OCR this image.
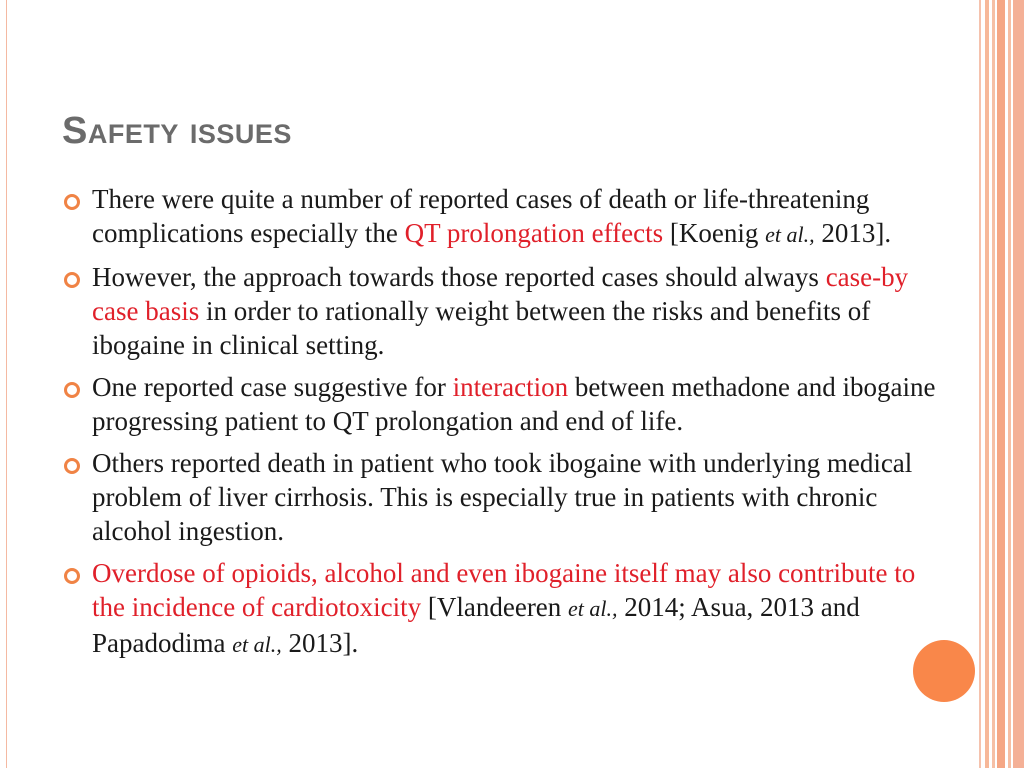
Safety issues
There were quite a number of reported cases of death or life-threatening complications especially the QT prolongation effects [Koenig et al., 2013].
However, the approach towards those reported cases should always case-by case basis in order to rationally weight between the risks and benefits of ibogaine in clinical setting.
One reported case suggestive for interaction between methadone and ibogaine progressing patient to QT prolongation and end of life.
Others reported death in patient who took ibogaine with underlying medical problem of liver cirrhosis. This is especially true in patients with chronic alcohol ingestion.
Overdose of opioids, alcohol and even ibogaine itself may also contribute to the incidence of cardiotoxicity [Vlandeeren et al., 2014; Asua, 2013 and Papadodima et al., 2013].
